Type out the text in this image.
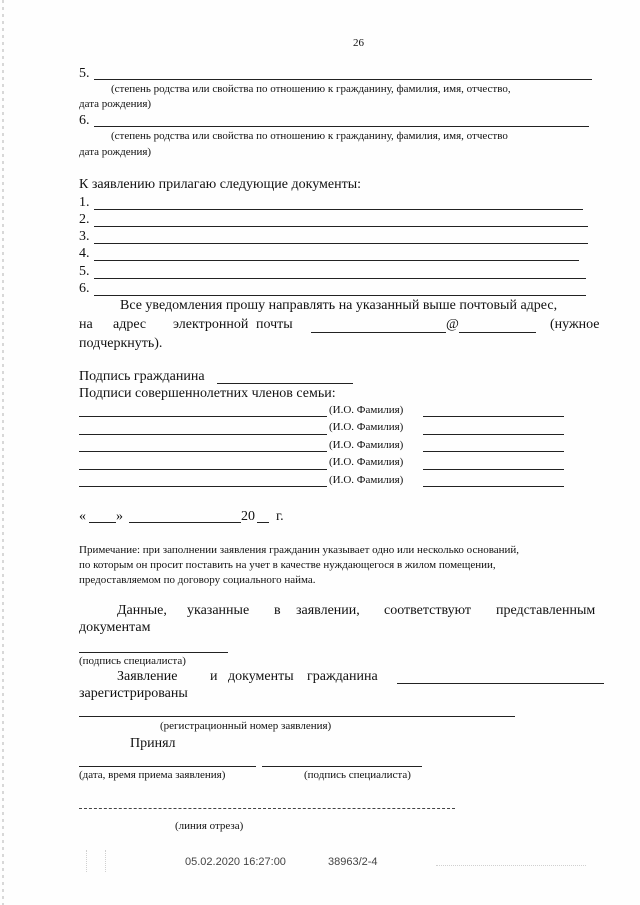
26
5.
(степень родства или свойства по отношению к гражданину, фамилия, имя, отчество,
дата рождения)
6.
(степень родства или свойства по отношению к гражданину, фамилия, имя, отчество
дата рождения)
К заявлению прилагаю следующие документы:
1.
2.
3.
4.
5.
6.
Все уведомления прошу направлять на указанный выше почтовый адрес,
на адрес электронной почты	@	(нужное
подчеркнуть).
Подпись гражданина
Подписи совершеннолетних членов семьи:
(И.О. Фамилия)
(И.О. Фамилия)
(И.О. Фамилия)
(И.О. Фамилия)
(И.О. Фамилия)
« »	20 г.
Примечание: при заполнении заявления гражданин указывает одно или несколько оснований,
по которым он просит поставить на учет в качестве нуждающегося в жилом помещении,
предоставляемом по договору социального найма.
Данные, указанные в заявлении, соответствуют представленным
документам
(подпись специалиста)
Заявление и документы гражданина
зарегистрированы
(регистрационный номер заявления)
Принял
(дата, время приема заявления)	(подпись специалиста)
(линия отреза)
05.02.2020 16:27:00	38963/2-4
